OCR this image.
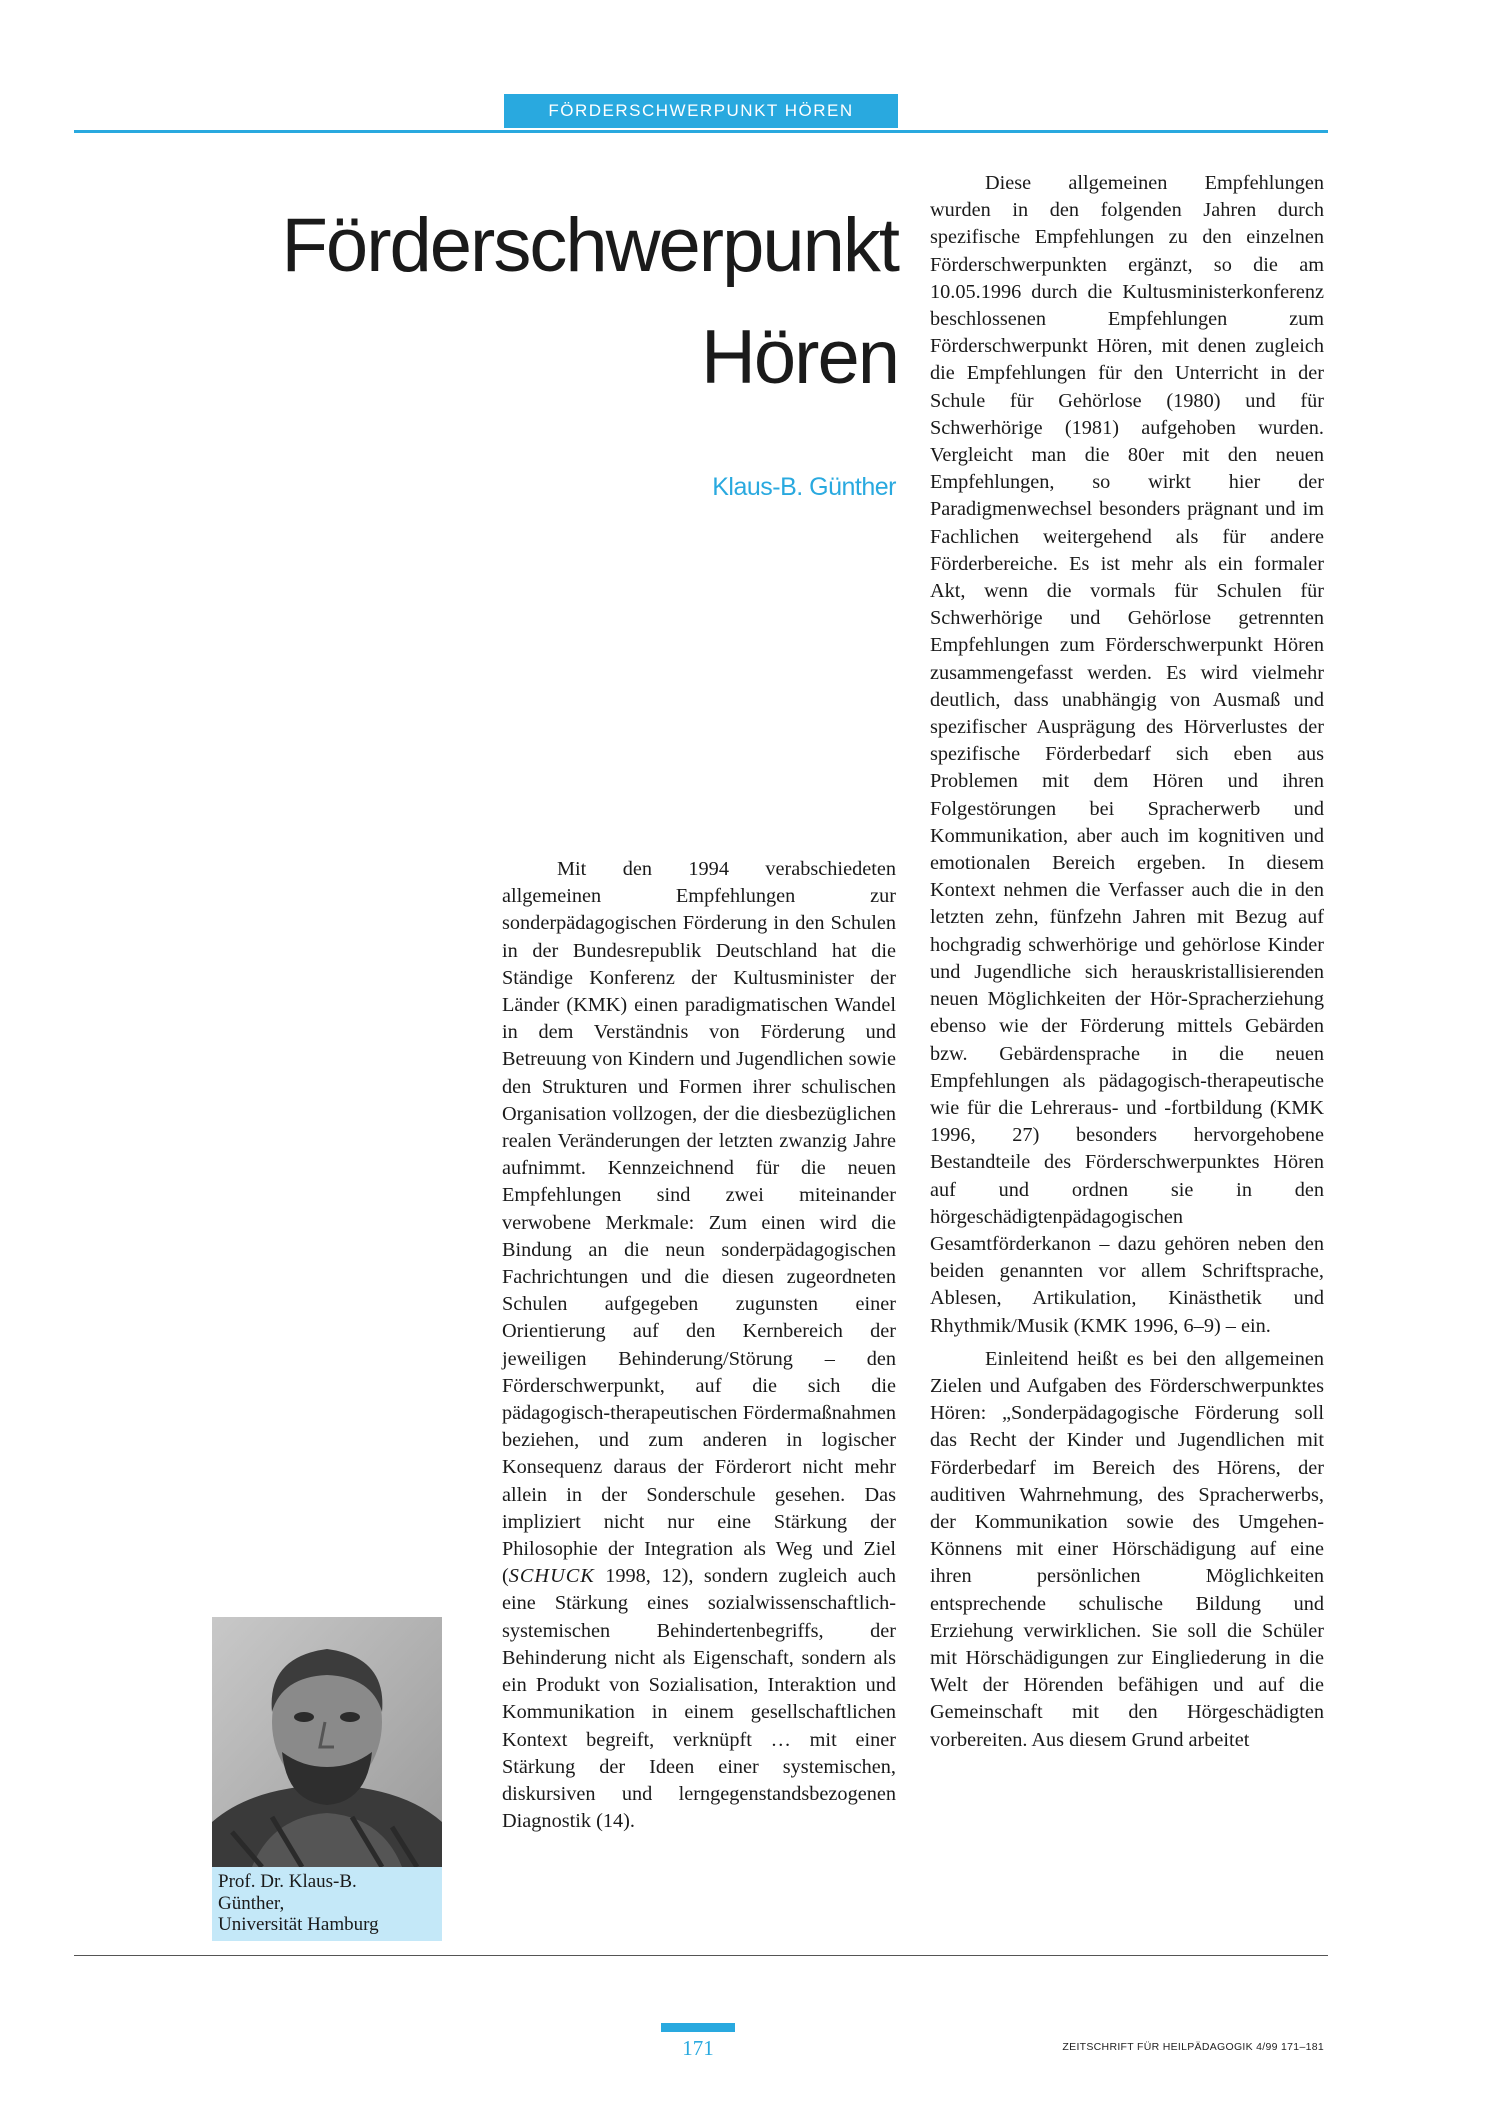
FÖRDERSCHWERPUNKT HÖREN
Förderschwerpunkt
Hören
Klaus-B. Günther

Mit den 1994 verabschiedeten allgemeinen Empfehlungen zur sonderpädagogischen Förderung in den Schulen in der Bundesrepublik Deutschland hat die Ständige Konferenz der Kultusminister der Länder (KMK) einen paradigmatischen Wandel in dem Verständnis von Förderung und Betreuung von Kindern und Jugendlichen sowie den Strukturen und Formen ihrer schulischen Organisation vollzogen, der die diesbezüglichen realen Veränderungen der letzten zwanzig Jahre aufnimmt. Kennzeichnend für die neuen Empfehlungen sind zwei miteinander verwobene Merkmale: Zum einen wird die Bindung an die neun sonderpädagogischen Fachrichtungen und die diesen zugeordneten Schulen aufgegeben zugunsten einer Orientierung auf den Kernbereich der jeweiligen Behinderung/Störung – den Förderschwerpunkt, auf die sich die pädagogisch-therapeutischen Fördermaßnahmen beziehen, und zum anderen in logischer Konsequenz daraus der Förderort nicht mehr allein in der Sonderschule gesehen. Das impliziert nicht nur eine Stärkung der Philosophie der Integration als Weg und Ziel (SCHUCK 1998, 12), sondern zugleich auch eine Stärkung eines sozialwissenschaftlich-systemischen Behindertenbegriffs, der Behinderung nicht als Eigenschaft, sondern als ein Produkt von Sozialisation, Interaktion und Kommunikation in einem gesellschaftlichen Kontext begreift, verknüpft … mit einer Stärkung der Ideen einer systemischen, diskursiven und lerngegenstandsbezogenen Diagnostik (14).

Diese allgemeinen Empfehlungen wurden in den folgenden Jahren durch spezifische Empfehlungen zu den einzelnen Förderschwerpunkten ergänzt, so die am 10.05.1996 durch die Kultusministerkonferenz beschlossenen Empfehlungen zum Förderschwerpunkt Hören, mit denen zugleich die Empfehlungen für den Unterricht in der Schule für Gehörlose (1980) und für Schwerhörige (1981) aufgehoben wurden. Vergleicht man die 80er mit den neuen Empfehlungen, so wirkt hier der Paradigmenwechsel besonders prägnant und im Fachlichen weitergehend als für andere Förderbereiche. Es ist mehr als ein formaler Akt, wenn die vormals für Schulen für Schwerhörige und Gehörlose getrennten Empfehlungen zum Förderschwerpunkt Hören zusammengefasst werden. Es wird vielmehr deutlich, dass unabhängig von Ausmaß und spezifischer Ausprägung des Hörverlustes der spezifische Förderbedarf sich eben aus Problemen mit dem Hören und ihren Folgestörungen bei Spracherwerb und Kommunikation, aber auch im kognitiven und emotionalen Bereich ergeben. In diesem Kontext nehmen die Verfasser auch die in den letzten zehn, fünfzehn Jahren mit Bezug auf hochgradig schwerhörige und gehörlose Kinder und Jugendliche sich herauskristallisierenden neuen Möglichkeiten der Hör-Spracherziehung ebenso wie der Förderung mittels Gebärden bzw. Gebärdensprache in die neuen Empfehlungen als pädagogisch-therapeutische wie für die Lehreraus- und -fortbildung (KMK 1996, 27) besonders hervorgehobene Bestandteile des Förderschwerpunktes Hören auf und ordnen sie in den hörgeschädigtenpädagogischen Gesamtförderkanon – dazu gehören neben den beiden genannten vor allem Schriftsprache, Ablesen, Artikulation, Kinästhetik und Rhythmik/Musik (KMK 1996, 6–9) – ein.

Einleitend heißt es bei den allgemeinen Zielen und Aufgaben des Förderschwerpunktes Hören: „Sonderpädagogische Förderung soll das Recht der Kinder und Jugendlichen mit Förderbedarf im Bereich des Hörens, der auditiven Wahrnehmung, des Spracherwerbs, der Kommunikation sowie des Umgehen-Könnens mit einer Hörschädigung auf eine ihren persönlichen Möglichkeiten entsprechende schulische Bildung und Erziehung verwirklichen. Sie soll die Schüler mit Hörschädigungen zur Eingliederung in die Welt der Hörenden befähigen und auf die Gemeinschaft mit den Hörgeschädigten vorbereiten. Aus diesem Grund arbeitet

Prof. Dr. Klaus-B.
Günther,
Universität Hamburg
171	ZEITSCHRIFT FÜR HEILPÄDAGOGIK 4/99 171–181
